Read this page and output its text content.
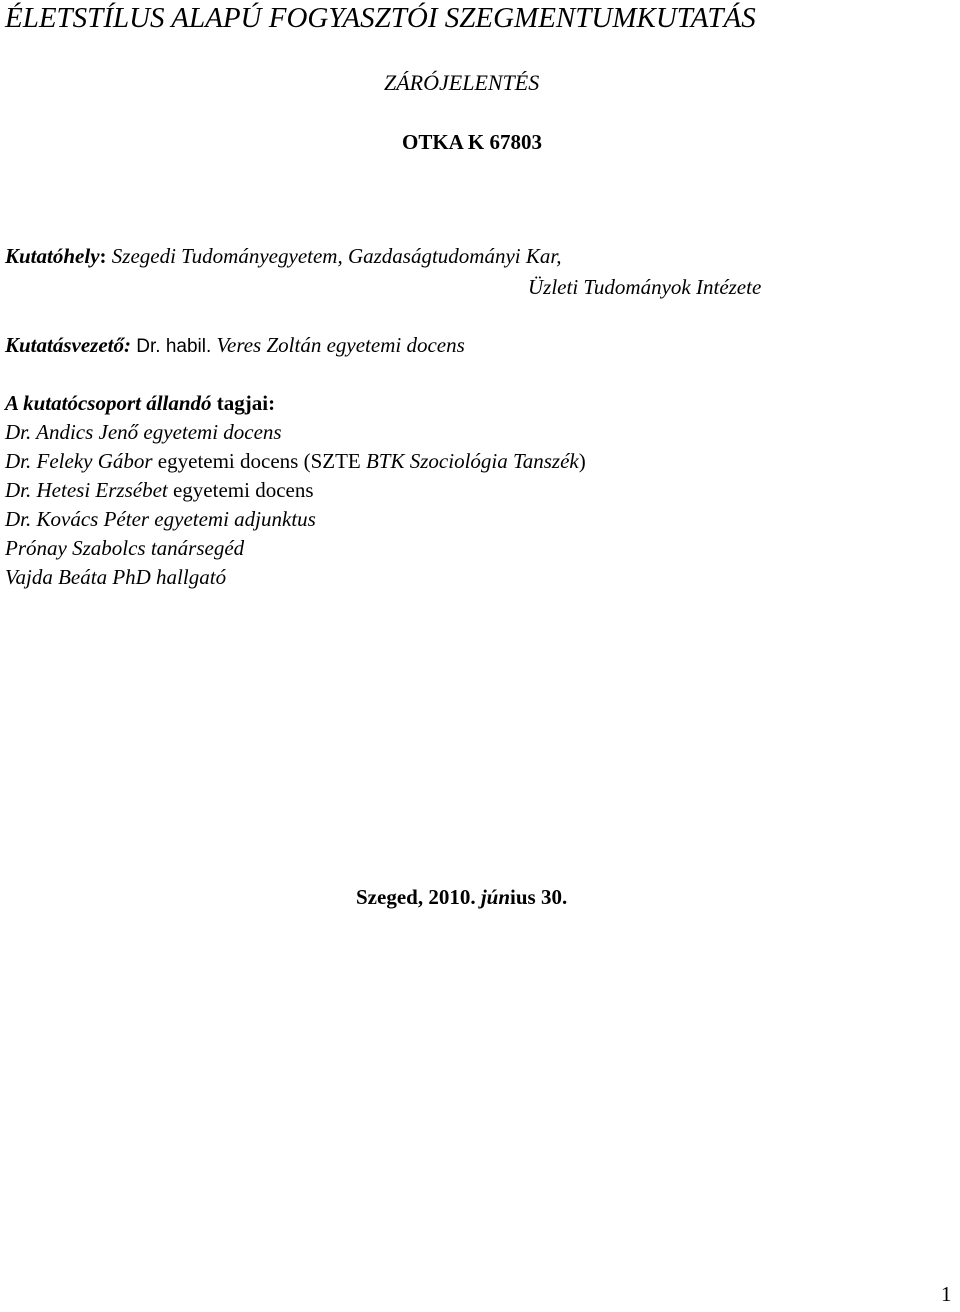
ÉLETSTÍLUS ALAPÚ FOGYASZTÓI SZEGMENTUMKUTATÁS
ZÁRÓJELENTÉS
OTKA K 67803
Kutatóhely: Szegedi Tudományegyetem, Gazdaságtudományi Kar,
Üzleti Tudományok Intézete
Kutatásvezető: Dr. habil. Veres Zoltán egyetemi docens
A kutatócsoport állandó tagjai:
Dr. Andics Jenő egyetemi docens
Dr. Feleky Gábor egyetemi docens (SZTE BTK Szociológia Tanszék)
Dr. Hetesi Erzsébet egyetemi docens
Dr. Kovács Péter egyetemi adjunktus
Prónay Szabolcs tanársegéd
Vajda Beáta PhD hallgató
Szeged, 2010. június 30.
1
